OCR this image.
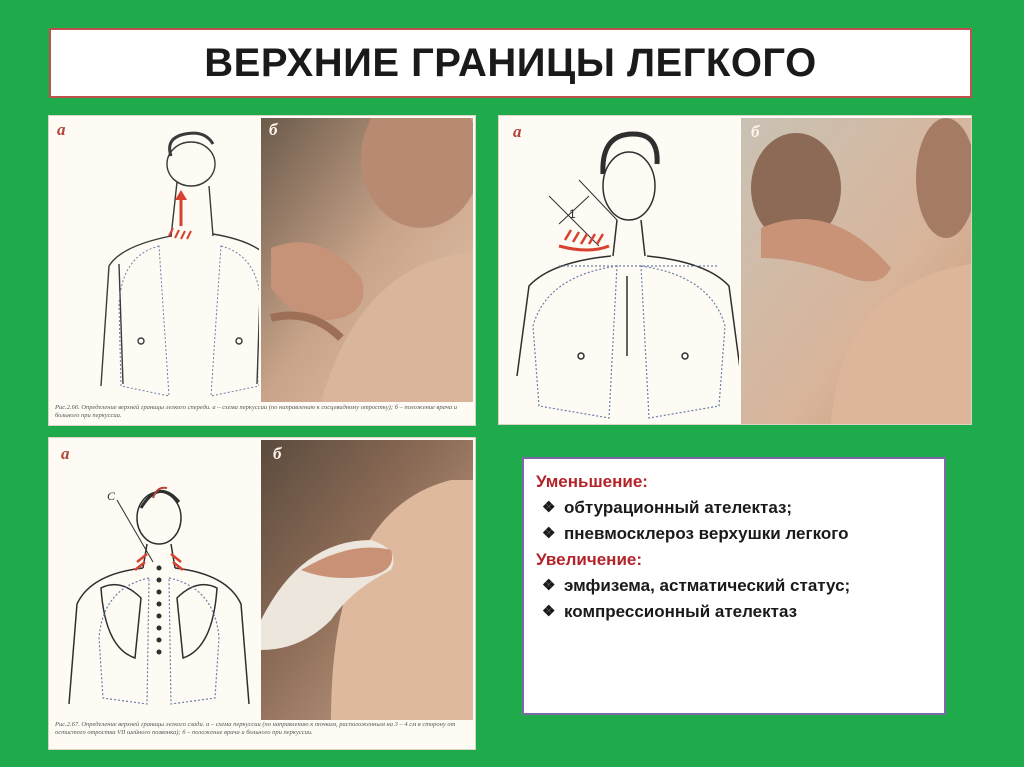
ВЕРХНИЕ ГРАНИЦЫ ЛЕГКОГО
а	б
Рис.2.66. Определение верхней границы легкого спереди. а – схема перкуссии (по направлению к сосцевидному отростку); б – положение врача и больного при перкуссии.
а
1
б
а
C
б
Рис.2.67. Определение верхней границы легкого сзади. а – схема перкуссии (по направлению к точкам, расположенным на 3 – 4 см в сторону от остистого отростка VII шейного позвонка); б – положение врача и больного при перкуссии.
Уменьшение:
❖ обтурационный ателектаз;
❖ пневмосклероз верхушки легкого
Увеличение:
❖ эмфизема, астматический статус;
❖ компрессионный ателектаз
